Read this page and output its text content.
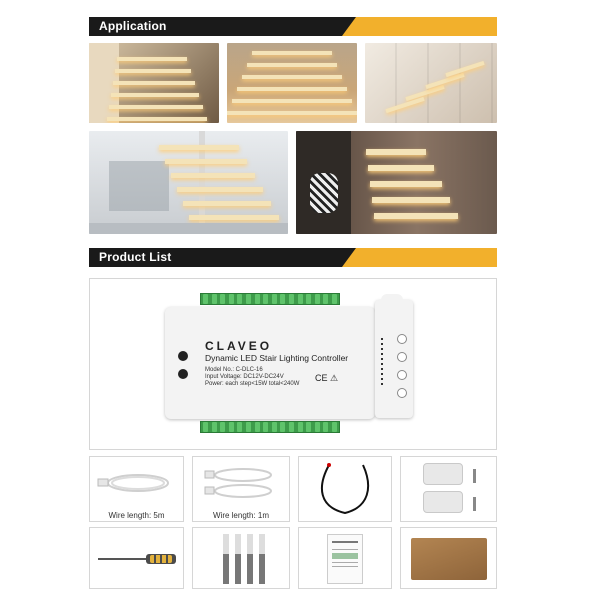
Application
Product List
CLAVEO
Dynamic LED Stair Lighting Controller
Model No.: C-DLC-16
Input Voltage: DC12V-DC24V
Power: each step<15W total<240W
CE ⚠
Wire length: 5m	Wire length: 1m
